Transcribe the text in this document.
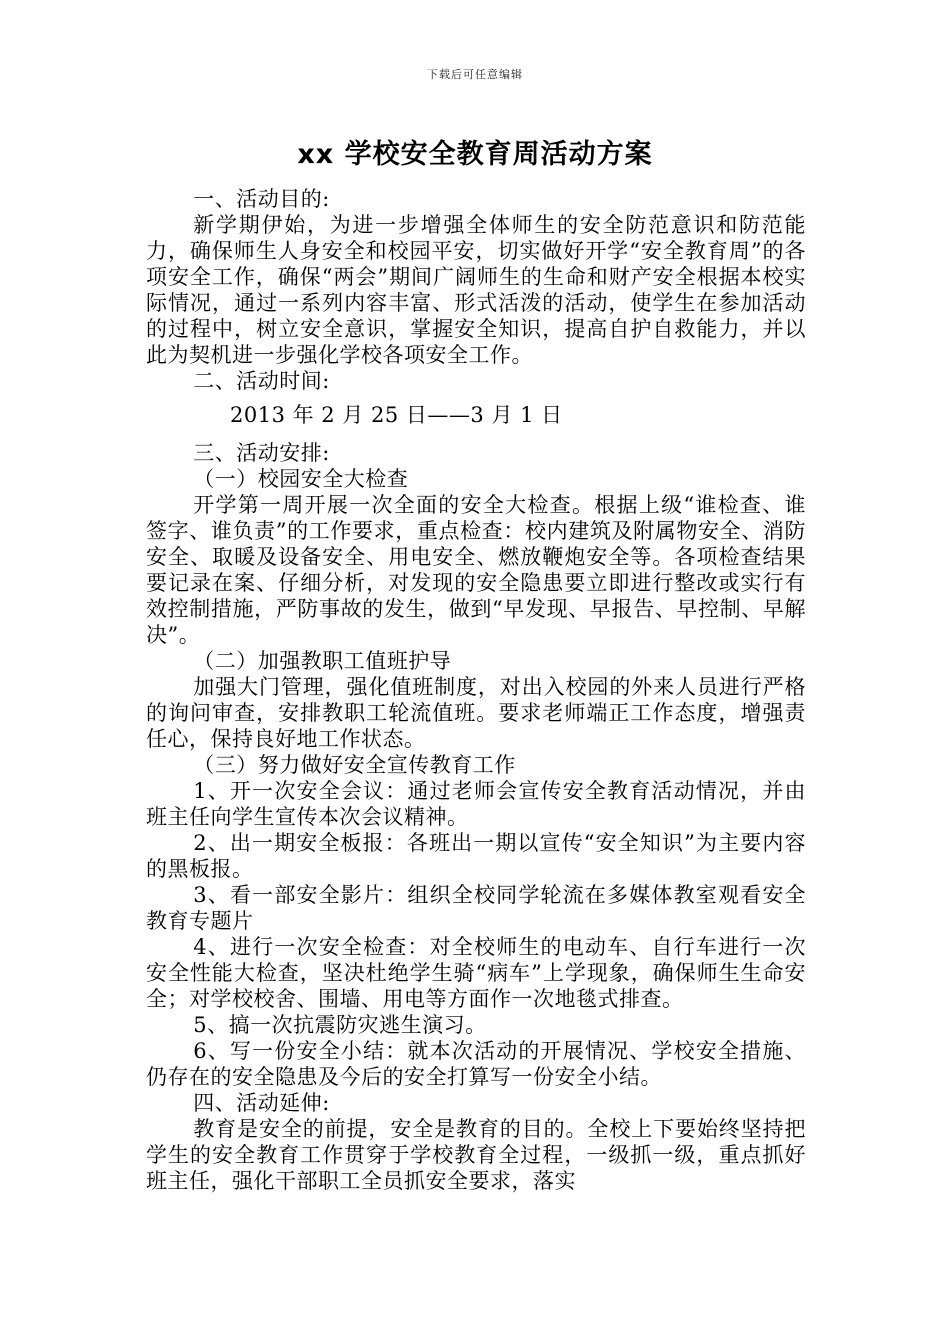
下载后可任意编辑
xx 学校安全教育周活动方案

一、活动目的:

新学期伊始，为进一步增强全体师生的安全防范意识和防范能力，确保师生人身安全和校园平安，切实做好开学“安全教育周”的各项安全工作，确保“两会”期间广阔师生的生命和财产安全根据本校实际情况，通过一系列内容丰富、形式活泼的活动，使学生在参加活动的过程中，树立安全意识，掌握安全知识，提高自护自救能力，并以此为契机进一步强化学校各项安全工作。

二、活动时间:

2013 年 2 月 25 日——3 月 1 日

三、活动安排:

（一）校园安全大检查

开学第一周开展一次全面的安全大检查。根据上级“谁检查、谁签字、谁负责”的工作要求，重点检查：校内建筑及附属物安全、消防安全、取暖及设备安全、用电安全、燃放鞭炮安全等。各项检查结果要记录在案、仔细分析，对发现的安全隐患要立即进行整改或实行有效控制措施，严防事故的发生，做到“早发现、早报告、早控制、早解决”。

（二）加强教职工值班护导

加强大门管理，强化值班制度，对出入校园的外来人员进行严格的询问审查，安排教职工轮流值班。要求老师端正工作态度，增强责任心，保持良好地工作状态。

（三）努力做好安全宣传教育工作

1、开一次安全会议：通过老师会宣传安全教育活动情况，并由班主任向学生宣传本次会议精神。

2、出一期安全板报：各班出一期以宣传“安全知识”为主要内容的黑板报。

3、看一部安全影片：组织全校同学轮流在多媒体教室观看安全教育专题片

4、进行一次安全检查：对全校师生的电动车、自行车进行一次安全性能大检查，坚决杜绝学生骑“病车”上学现象，确保师生生命安全；对学校校舍、围墙、用电等方面作一次地毯式排查。

5、搞一次抗震防灾逃生演习。

6、写一份安全小结：就本次活动的开展情况、学校安全措施、仍存在的安全隐患及今后的安全打算写一份安全小结。

四、活动延伸:

教育是安全的前提，安全是教育的目的。全校上下要始终坚持把学生的安全教育工作贯穿于学校教育全过程，一级抓一级，重点抓好班主任，强化干部职工全员抓安全要求，落实
